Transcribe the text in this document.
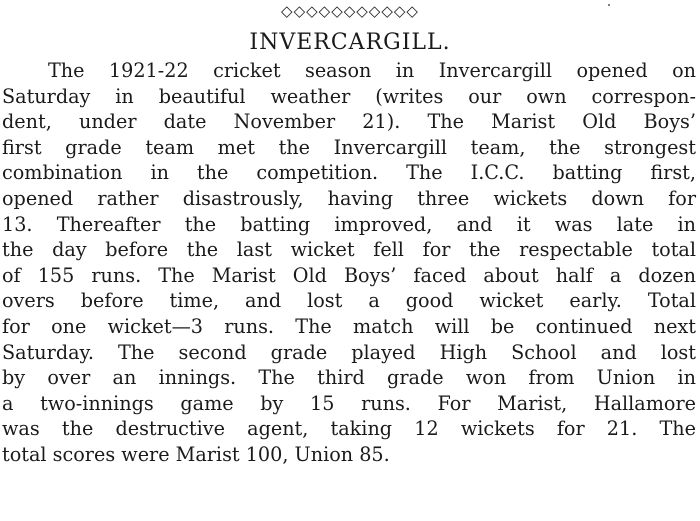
◇◇◇◇◇◇◇◇◇◇◇
INVERCARGILL.
The 1921-22 cricket season in Invercargill opened on
Saturday in beautiful weather (writes our own correspon-
dent, under date November 21). The Marist Old Boys’
first grade team met the Invercargill team, the strongest
combination in the competition. The I.C.C. batting first,
opened rather disastrously, having three wickets down for
13. Thereafter the batting improved, and it was late in
the day before the last wicket fell for the respectable total
of 155 runs. The Marist Old Boys’ faced about half a dozen
overs before time, and lost a good wicket early. Total
for one wicket—3 runs. The match will be continued next
Saturday. The second grade played High School and lost
by over an innings. The third grade won from Union in
a two-innings game by 15 runs. For Marist, Hallamore
was the destructive agent, taking 12 wickets for 21. The
total scores were Marist 100, Union 85.
